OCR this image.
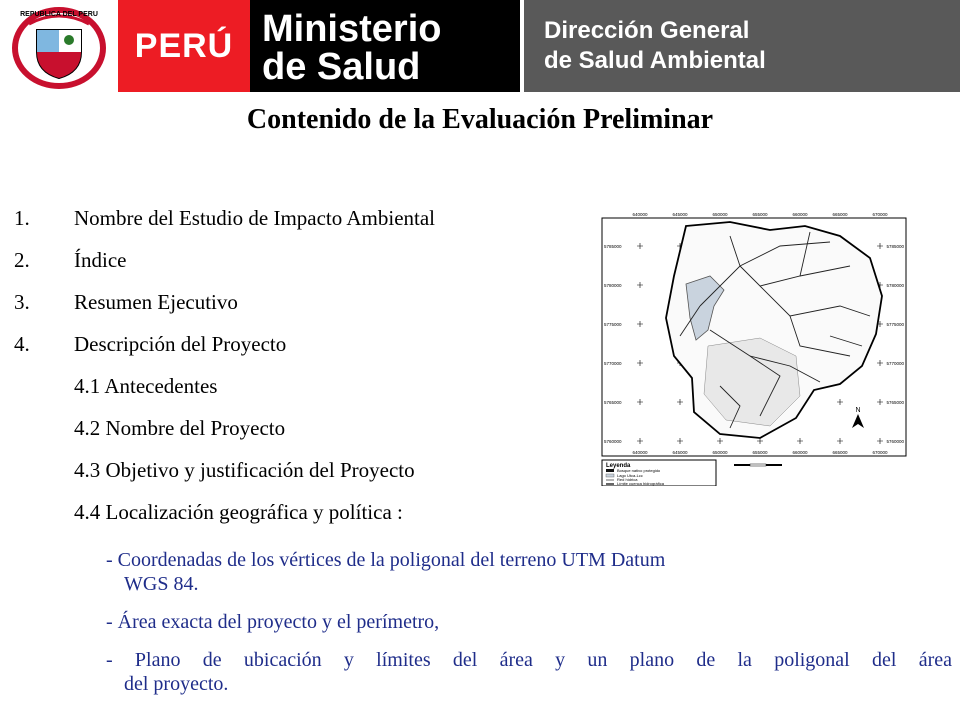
REPUBLICA DEL PERU
PERÚ Ministerio
de Salud
Dirección General
de Salud Ambiental
Contenido de la Evaluación Preliminar
1.	Nombre del Estudio de Impacto Ambiental
2.	Índice
3.	Resumen Ejecutivo
4.	Descripción del Proyecto
4.1 Antecedentes
4.2 Nombre del Proyecto
4.3 Objetivo y justificación del Proyecto
4.4 Localización geográfica y política :
- Coordenadas de los vértices de la poligonal del terreno UTM Datum
WGS 84.
- Área exacta del proyecto y el perímetro,
- Plano de ubicación y límites del área y un plano de la poligonal del área
del proyecto.
640000	645000	650000	655000	660000	665000	670000
640000	645000	650000	655000	660000	665000	670000
5785000
5780000
5775000
5770000
5765000
5760000
5785000
5780000
5775000
5770000
5765000
5760000
N
Leyenda
Bosque nativo protegido
Lago Utca-Lcc
Red hídrica
Límite cuenca hidrográfica
